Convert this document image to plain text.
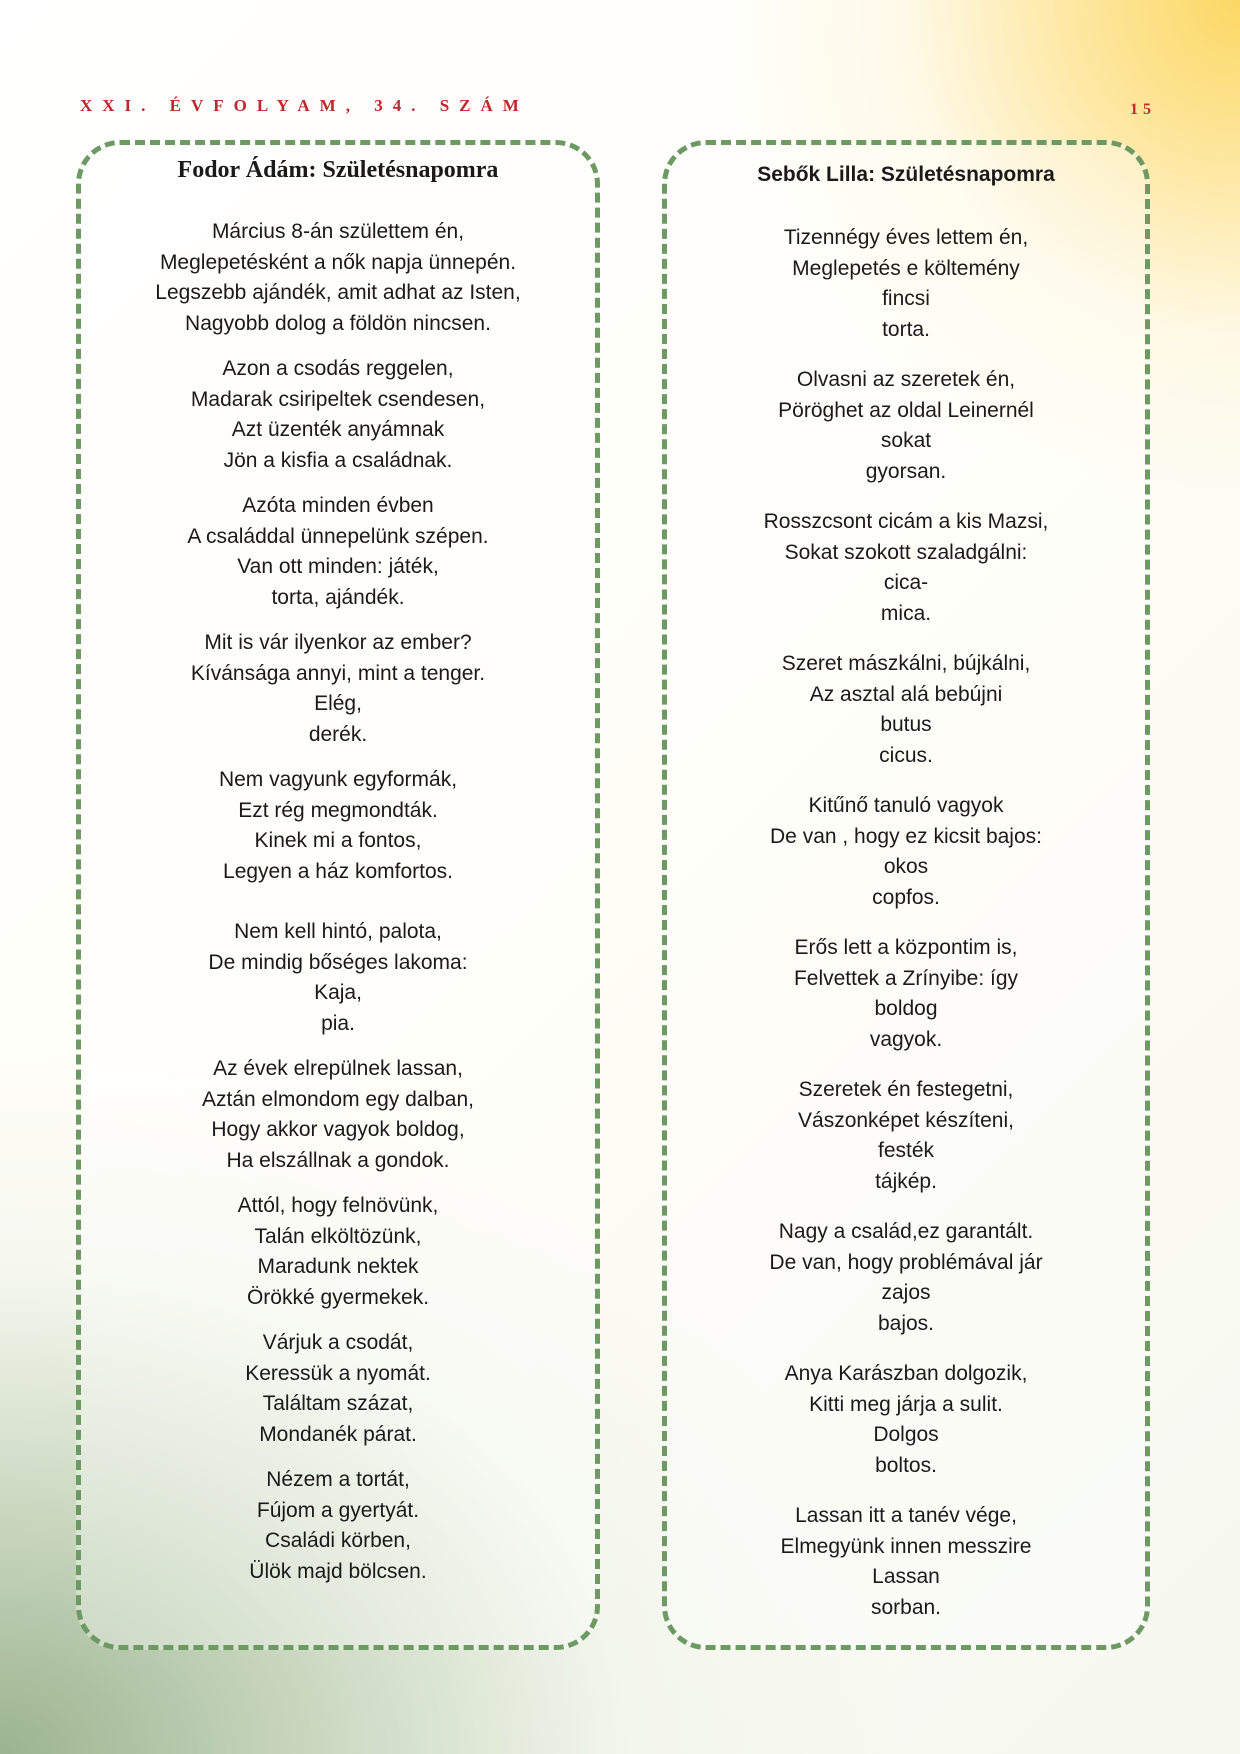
XXI. ÉVFOLYAM, 34. SZÁM	15
Fodor Ádám: Születésnapomra
Március 8-án születtem én,
Meglepetésként a nők napja ünnepén.
Legszebb ajándék, amit adhat az Isten,
Nagyobb dolog a földön nincsen.
Azon a csodás reggelen,
Madarak csiripeltek csendesen,
Azt üzenték anyámnak
Jön a kisfia a családnak.
Azóta minden évben
A családdal ünnepelünk szépen.
Van ott minden: játék,
torta, ajándék.
Mit is vár ilyenkor az ember?
Kívánsága annyi, mint a tenger.
Elég,
derék.
Nem vagyunk egyformák,
Ezt rég megmondták.
Kinek mi a fontos,
Legyen a ház komfortos.
Nem kell hintó, palota,
De mindig bőséges lakoma:
Kaja,
pia.
Az évek elrepülnek lassan,
Aztán elmondom egy dalban,
Hogy akkor vagyok boldog,
Ha elszállnak a gondok.
Attól, hogy felnövünk,
Talán elköltözünk,
Maradunk nektek
Örökké gyermekek.
Várjuk a csodát,
Keressük a nyomát.
Találtam százat,
Mondanék párat.
Nézem a tortát,
Fújom a gyertyát.
Családi körben,
Ülök majd bölcsen.
Sebők Lilla: Születésnapomra
Tizennégy éves lettem én,
Meglepetés e költemény
fincsi
torta.
Olvasni az szeretek én,
Pöröghet az oldal Leinernél
sokat
gyorsan.
Rosszcsont cicám a kis Mazsi,
Sokat szokott szaladgálni:
cica-
mica.
Szeret mászkálni, bújkálni,
Az asztal alá bebújni
butus
cicus.
Kitűnő tanuló vagyok
De van , hogy ez kicsit bajos:
okos
copfos.
Erős lett a központim is,
Felvettek a Zrínyibe: így
boldog
vagyok.
Szeretek én festegetni,
Vászonképet készíteni,
festék
tájkép.
Nagy a család,ez garantált.
De van, hogy problémával jár
zajos
bajos.
Anya Karászban dolgozik,
Kitti meg járja a sulit.
Dolgos
boltos.
Lassan itt a tanév vége,
Elmegyünk innen messzire
Lassan
sorban.
